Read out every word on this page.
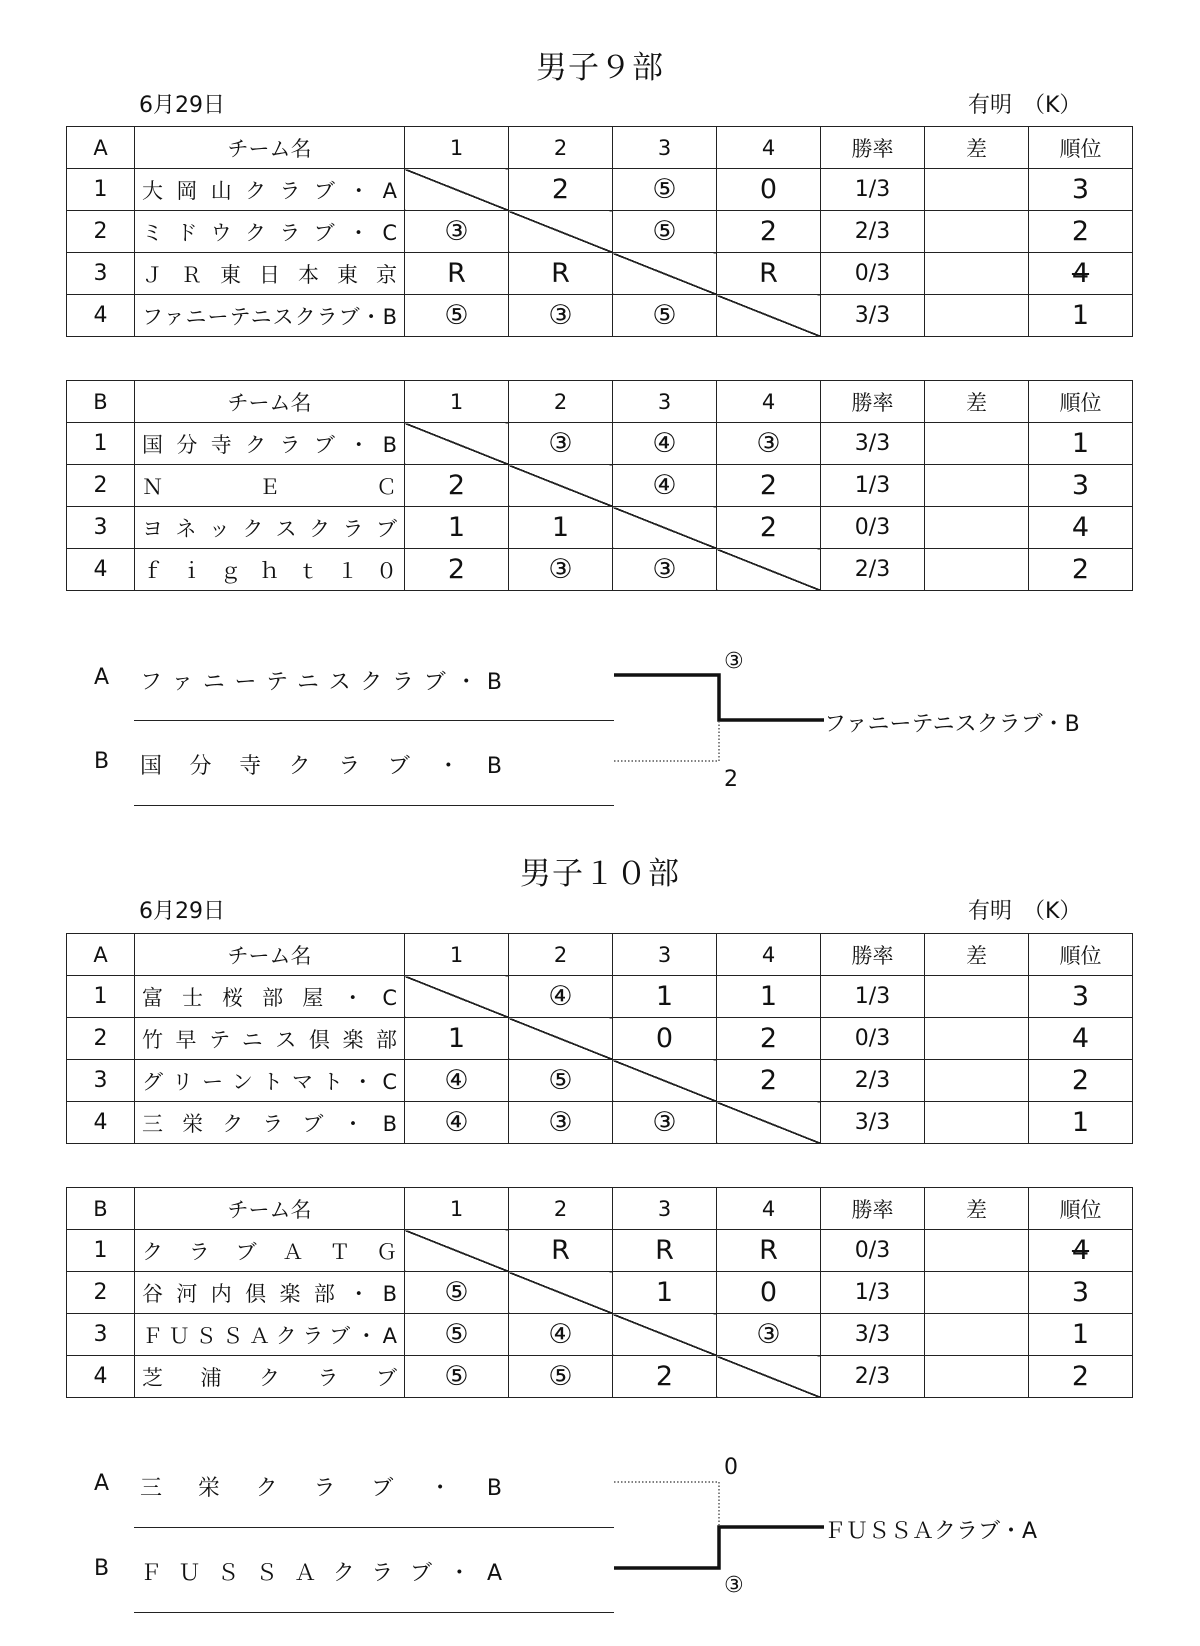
男子９部
6月29日	有明　（K）
A	チーム名	1	2	3	4	勝率	差	順位
1	大岡山クラブ・A		2	⑤	0	1/3		3
2	ミドウクラブ・C	③		⑤	2	2/3		2
3	ＪＲ東日本東京	R	R		R	0/3		4
4	ファニーテニスクラブ・B	⑤	③	⑤		3/3		1
B	チーム名	1	2	3	4	勝率	差	順位
1	国分寺クラブ・B		③	④	③	3/3		1
2	ＮＥＣ	2		④	2	1/3		3
3	ヨネックスクラブ	1	1		2	0/3		4
4	ｆｉｇｈｔ１０	2	③	③		2/3		2
A ファニーテニスクラブ・B
B 国分寺クラブ・B
③
2
ファニーテニスクラブ・B
男子１０部
6月29日	有明　（K）
A	チーム名	1	2	3	4	勝率	差	順位
1	富士桜部屋・C		④	1	1	1/3		3
2	竹早テニス倶楽部	1		0	2	0/3		4
3	グリーントマト・C	④	⑤		2	2/3		2
4	三栄クラブ・B	④	③	③		3/3		1
B	チーム名	1	2	3	4	勝率	差	順位
1	クラブＡＴＧ		R	R	R	0/3		4
2	谷河内倶楽部・B	⑤		1	0	1/3		3
3	ＦＵＳＳＡクラブ・A	⑤	④		③	3/3		1
4	芝浦クラブ	⑤	⑤	2		2/3		2
A 三栄クラブ・B
B ＦＵＳＳＡクラブ・A
0
③
ＦＵＳＳＡクラブ・A
